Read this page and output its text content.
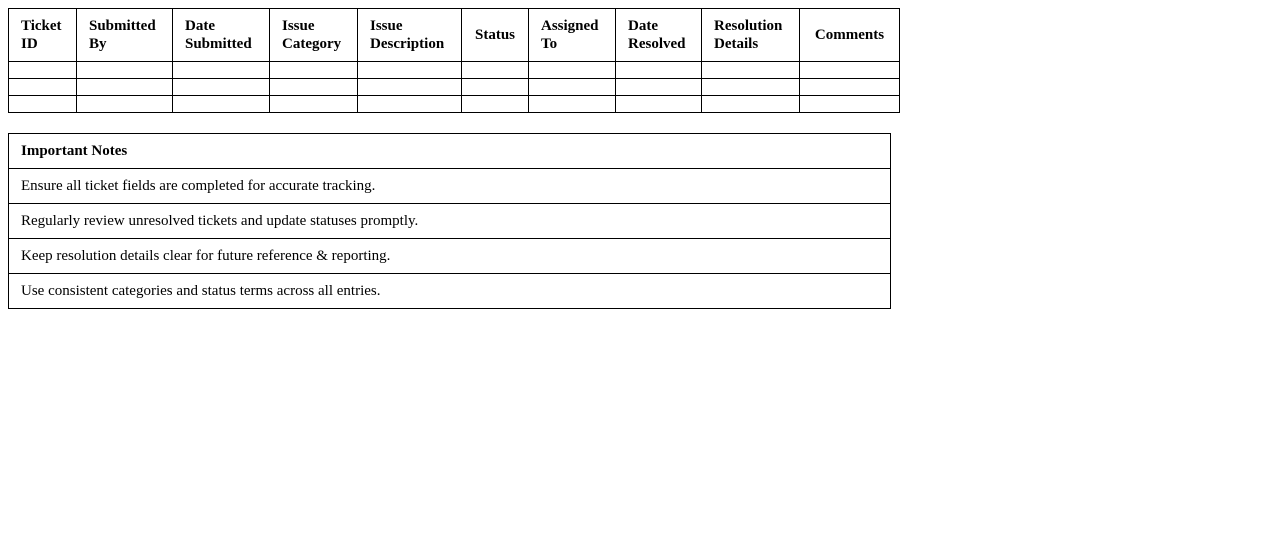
Ticket ID	Submitted By	Date Submitted	Issue Category	Issue Description	Status	Assigned To	Date Resolved	Resolution Details	Comments

Important Notes
Ensure all ticket fields are completed for accurate tracking.
Regularly review unresolved tickets and update statuses promptly.
Keep resolution details clear for future reference & reporting.
Use consistent categories and status terms across all entries.
